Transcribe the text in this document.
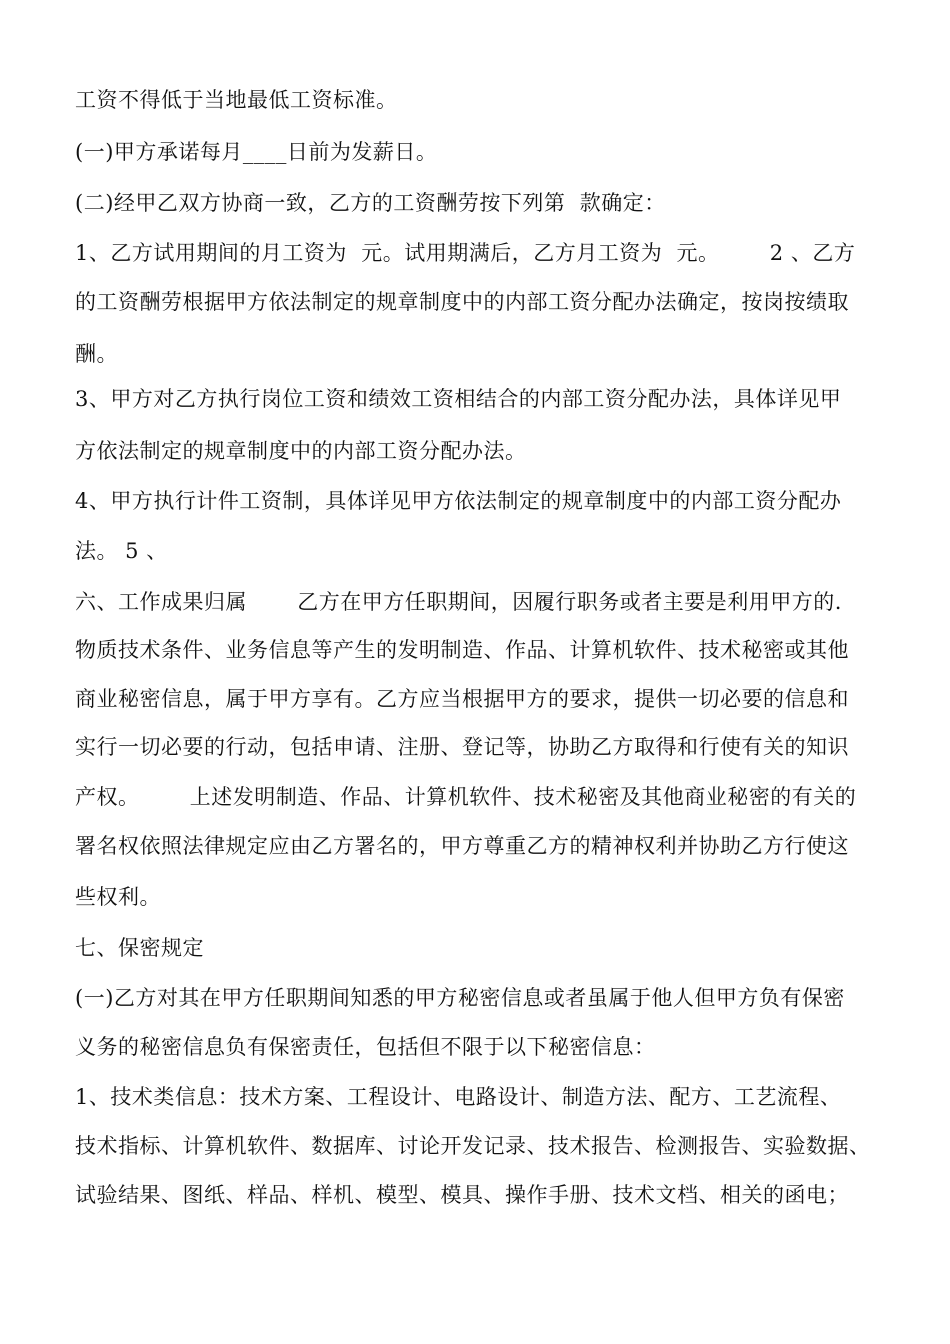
工资不得低于当地最低工资标准。
(一)甲方承诺每月____日前为发薪日。
(二)经甲乙双方协商一致，乙方的工资酬劳按下列第  款确定：
1、乙方试用期间的月工资为  元。试用期满后，乙方月工资为  元。       2 、乙方
的工资酬劳根据甲方依法制定的规章制度中的内部工资分配办法确定，按岗按绩取
酬。
3、甲方对乙方执行岗位工资和绩效工资相结合的内部工资分配办法，具体详见甲
方依法制定的规章制度中的内部工资分配办法。
4、甲方执行计件工资制，具体详见甲方依法制定的规章制度中的内部工资分配办
法。 5 、
六、工作成果归属       乙方在甲方任职期间，因履行职务或者主要是利用甲方的.
物质技术条件、业务信息等产生的发明制造、作品、计算机软件、技术秘密或其他
商业秘密信息，属于甲方享有。乙方应当根据甲方的要求，提供一切必要的信息和
实行一切必要的行动，包括申请、注册、登记等，协助乙方取得和行使有关的知识
产权。       上述发明制造、作品、计算机软件、技术秘密及其他商业秘密的有关的
署名权依照法律规定应由乙方署名的，甲方尊重乙方的精神权利并协助乙方行使这
些权利。
七、保密规定
(一)乙方对其在甲方任职期间知悉的甲方秘密信息或者虽属于他人但甲方负有保密
义务的秘密信息负有保密责任，包括但不限于以下秘密信息：
1、技术类信息：技术方案、工程设计、电路设计、制造方法、配方、工艺流程、
技术指标、计算机软件、数据库、讨论开发记录、技术报告、检测报告、实验数据、
试验结果、图纸、样品、样机、模型、模具、操作手册、技术文档、相关的函电；
